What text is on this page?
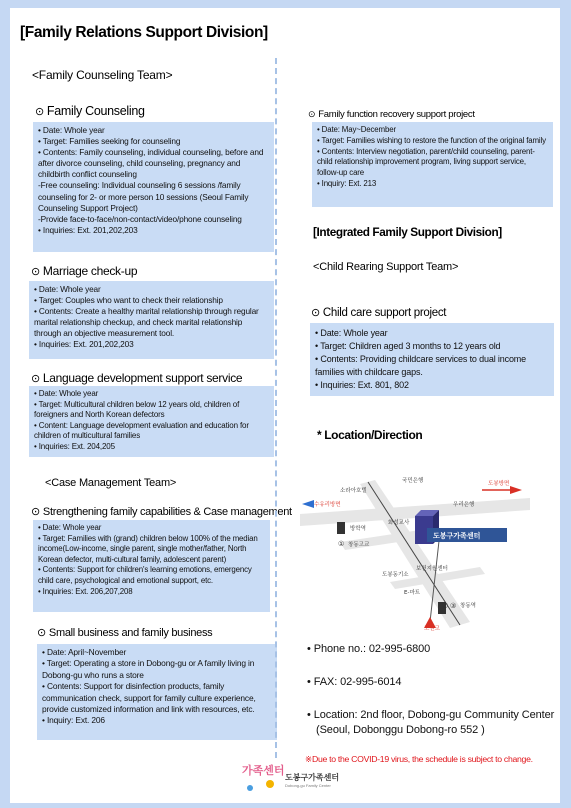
[Family Relations Support Division]
<Family Counseling Team>
⊙ Family Counseling
• Date: Whole year
• Target: Families seeking for counseling
• Contents: Family counseling, individual counseling, before and after divorce counseling, child counseling, pregnancy and childbirth conflict counseling
-Free counseling: Individual counseling 6 sessions /family counseling for 2- or more person 10 sessions (Seoul Family Counseling Support Project)
-Provide face-to-face/non-contact/video/phone counseling
• Inquiries: Ext. 201,202,203
⊙ Marriage check-up
• Date: Whole year
• Target: Couples who want to check their relationship
• Contents: Create a healthy marital relationship through regular marital relationship checkup, and check marital relationship through an objective measurement tool.
• Inquiries: Ext. 201,202,203
⊙ Language development support service
• Date: Whole year
• Target: Multicultural children below 12 years old, children of foreigners and North Korean defectors
• Content: Language development evaluation and education for children of multicultural families
• Inquiries: Ext. 204,205
<Case Management Team>
⊙ Strengthening family capabilities & Case management
• Date: Whole year
• Target: Families with (grand) children below 100% of the median income(Low-income, single parent, single mother/father, North Korean defector, multi-cultural family, adolescent parent)
• Contents: Support for children's learning emotions, emergency child care, psychological and emotional support, etc.
• Inquiries: Ext. 206,207,208
⊙ Small business and family business
• Date: April~November
• Target: Operating a store in Dobong-gu or A family living in Dobong-gu who runs a store
• Contents: Support for disinfection products, family communication check, support for family culture experience, provide customized information and link with resources, etc.
• Inquiry: Ext. 206
⊙ Family function recovery support project
• Date: May~December
• Target: Families wishing to restore the function of the original family
• Contents: Interview negotiation, parent/child counseling, parent-child relationship improvement program, living support service, follow-up care
• Inquiry: Ext. 213
[Integrated Family Support Division]
<Child Rearing Support Team>
⊙ Child care support project
• Date: Whole year
• Target: Children aged 3 months to 12 years old
• Contents: Providing childcare services to dual income families with childcare gaps.
• Inquiries: Ext. 801, 802
* Location/Direction
소라아호텔
수유리방면
국민은행	도봉방면
우리은행
방학역
창동고교
화성교사
도봉구가족센터
도봉동기소
보건지원센터
E-마트
창동역
노원고
①
④ ③
• Phone no.: 02-995-6800
• FAX: 02-995-6014
• Location: 2nd floor, Dobong-gu Community Center
(Seoul, Dobonggu Dobong-ro 552 )
※Due to the COVID-19 virus, the schedule is subject to change.
가족센터
도봉구가족센터
Dobong-gu Family Center
